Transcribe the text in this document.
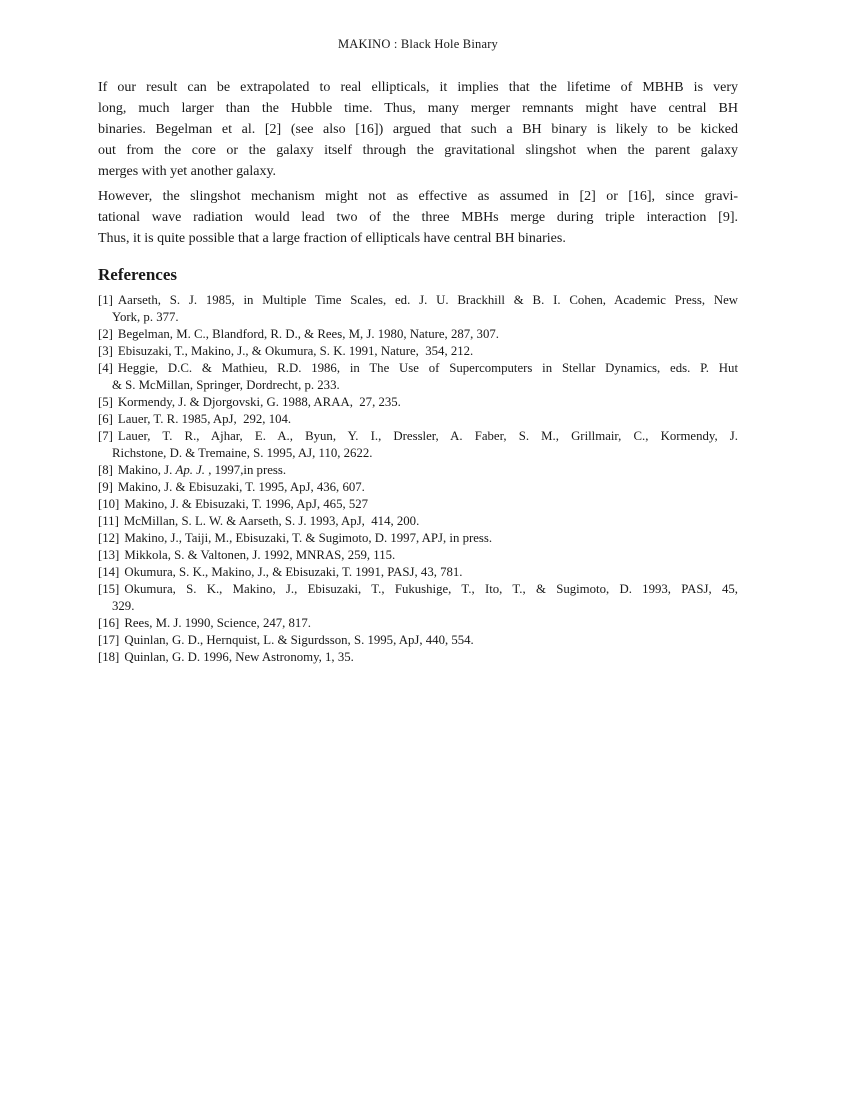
MAKINO : Black Hole Binary
If our result can be extrapolated to real ellipticals, it implies that the lifetime of MBHB is very
long, much larger than the Hubble time. Thus, many merger remnants might have central BH
binaries. Begelman et al. [2] (see also [16]) argued that such a BH binary is likely to be kicked
out from the core or the galaxy itself through the gravitational slingshot when the parent galaxy
merges with yet another galaxy.
However, the slingshot mechanism might not as effective as assumed in [2] or [16], since gravi-
tational wave radiation would lead two of the three MBHs merge during triple interaction [9].
Thus, it is quite possible that a large fraction of ellipticals have central BH binaries.
References
[1] Aarseth, S. J. 1985, in Multiple Time Scales, ed. J. U. Brackhill & B. I. Cohen, Academic Press, New
York, p. 377.
[2] Begelman, M. C., Blandford, R. D., & Rees, M, J. 1980, Nature, 287, 307.
[3] Ebisuzaki, T., Makino, J., & Okumura, S. K. 1991, Nature,  354, 212.
[4] Heggie, D.C. & Mathieu, R.D. 1986, in The Use of Supercomputers in Stellar Dynamics, eds. P. Hut
& S. McMillan, Springer, Dordrecht, p. 233.
[5] Kormendy, J. & Djorgovski, G. 1988, ARAA,  27, 235.
[6] Lauer, T. R. 1985, ApJ,  292, 104.
[7] Lauer, T. R., Ajhar, E. A., Byun, Y. I., Dressler, A. Faber, S. M., Grillmair, C., Kormendy, J.
Richstone, D. & Tremaine, S. 1995, AJ, 110, 2622.
[8] Makino, J. Ap. J. , 1997,in press.
[9] Makino, J. & Ebisuzaki, T. 1995, ApJ, 436, 607.
[10] Makino, J. & Ebisuzaki, T. 1996, ApJ, 465, 527
[11] McMillan, S. L. W. & Aarseth, S. J. 1993, ApJ,  414, 200.
[12] Makino, J., Taiji, M., Ebisuzaki, T. & Sugimoto, D. 1997, APJ, in press.
[13] Mikkola, S. & Valtonen, J. 1992, MNRAS, 259, 115.
[14] Okumura, S. K., Makino, J., & Ebisuzaki, T. 1991, PASJ, 43, 781.
[15] Okumura, S. K., Makino, J., Ebisuzaki, T., Fukushige, T., Ito, T., & Sugimoto, D. 1993, PASJ, 45,
329.
[16] Rees, M. J. 1990, Science, 247, 817.
[17] Quinlan, G. D., Hernquist, L. & Sigurdsson, S. 1995, ApJ, 440, 554.
[18] Quinlan, G. D. 1996, New Astronomy, 1, 35.
